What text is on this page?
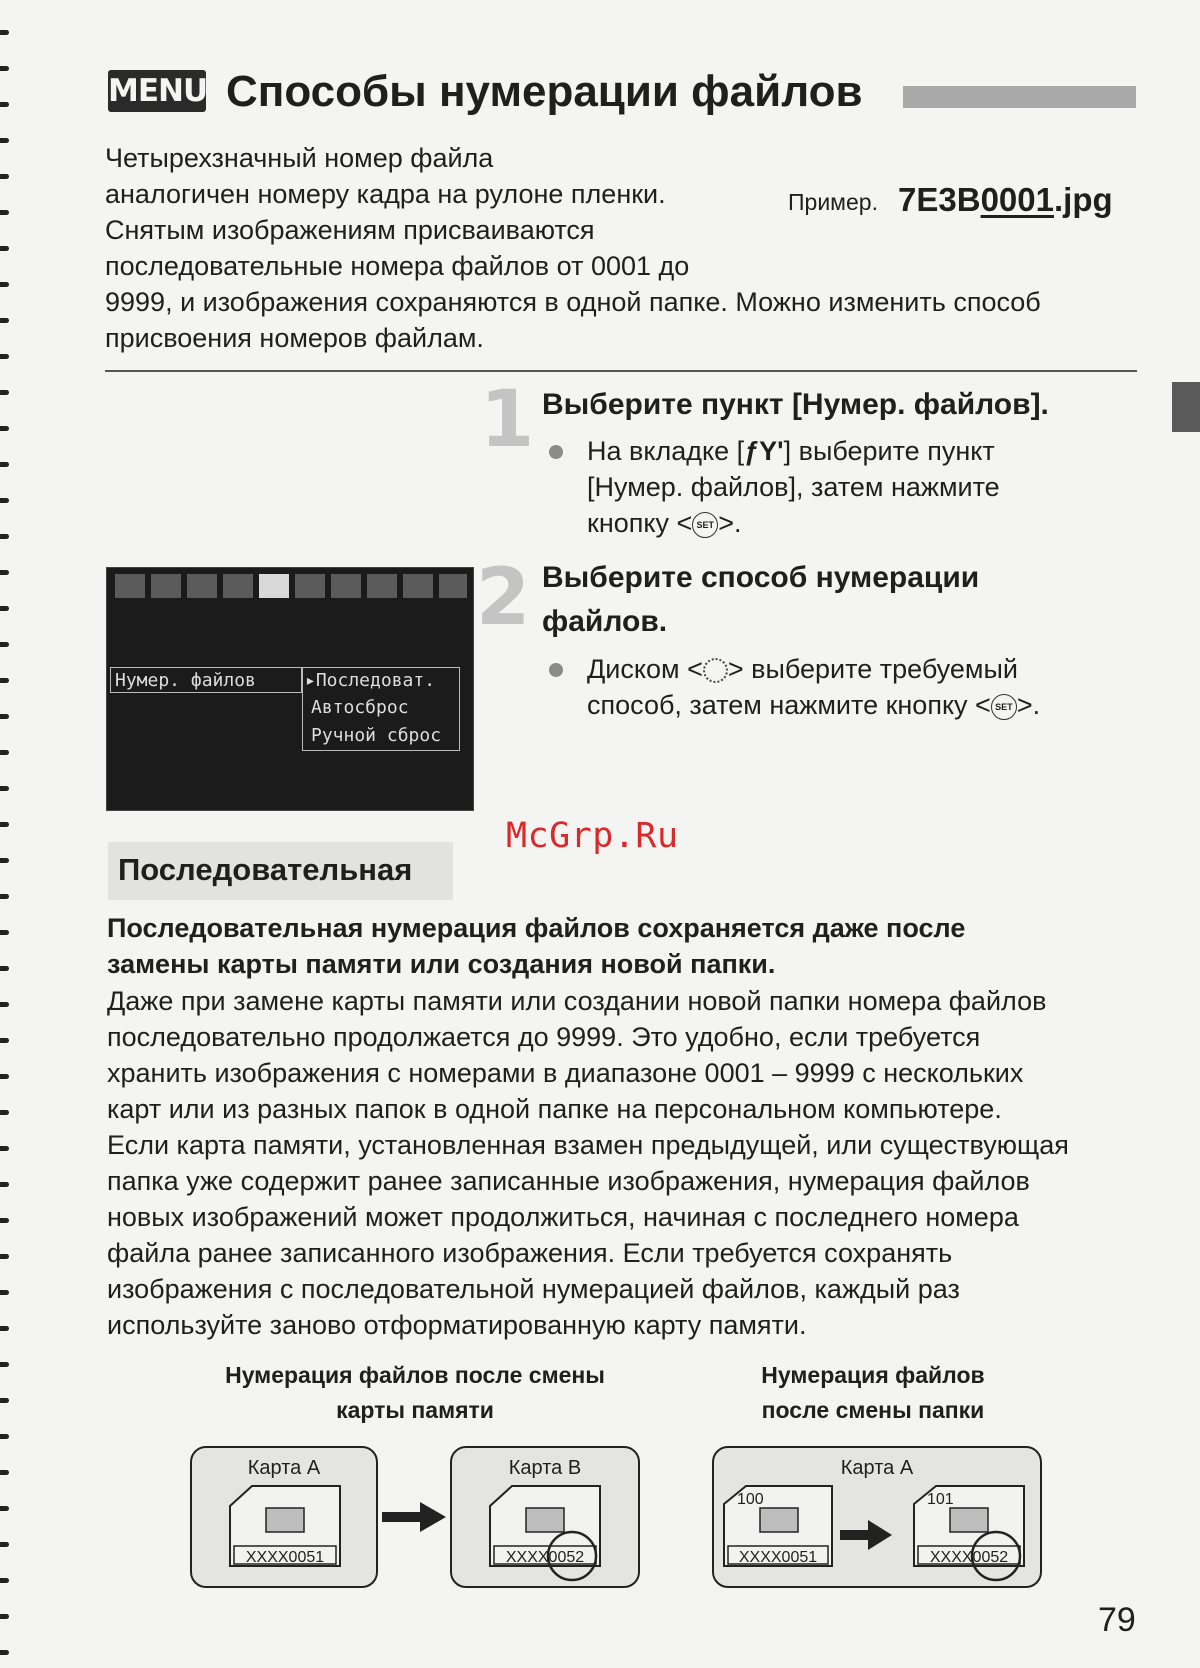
MENU Способы нумерации файлов
Четырехзначный номер файла
аналогичен номеру кадра на рулоне пленки.
Снятым изображениям присваиваются
последовательные номера файлов от 0001 до
9999, и изображения сохраняются в одной папке. Можно изменить способ
присвоения номеров файлам.
Пример. 7E3B0001.jpg
1 Выберите пункт [Нумер. файлов].
На вкладке [ƒY'] выберите пункт
[Нумер. файлов], затем нажмите
кнопку < SET >.
Нумер. файлов	▸Последоват.
Автосброс
Ручной сброс
2 Выберите способ нумерации
файлов.
Диском < > выберите требуемый
способ, затем нажмите кнопку < SET >.
McGrp.Ru
Последовательная
Последовательная нумерация файлов сохраняется даже после
замены карты памяти или создания новой папки.
Даже при замене карты памяти или создании новой папки номера файлов
последовательно продолжается до 9999. Это удобно, если требуется
хранить изображения с номерами в диапазоне 0001 – 9999 с нескольких
карт или из разных папок в одной папке на персональном компьютере.
Если карта памяти, установленная взамен предыдущей, или существующая
папка уже содержит ранее записанные изображения, нумерация файлов
новых изображений может продолжиться, начиная с последнего номера
файла ранее записанного изображения. Если требуется сохранять
изображения с последовательной нумерацией файлов, каждый раз
используйте заново отформатированную карту памяти.
Нумерация файлов после смены
карты памяти
Нумерация файлов
после смены папки
Карта A
XXXX0051
Карта B
XXXX0052
Карта A
100	101
XXXX0051	XXXX0052
79
